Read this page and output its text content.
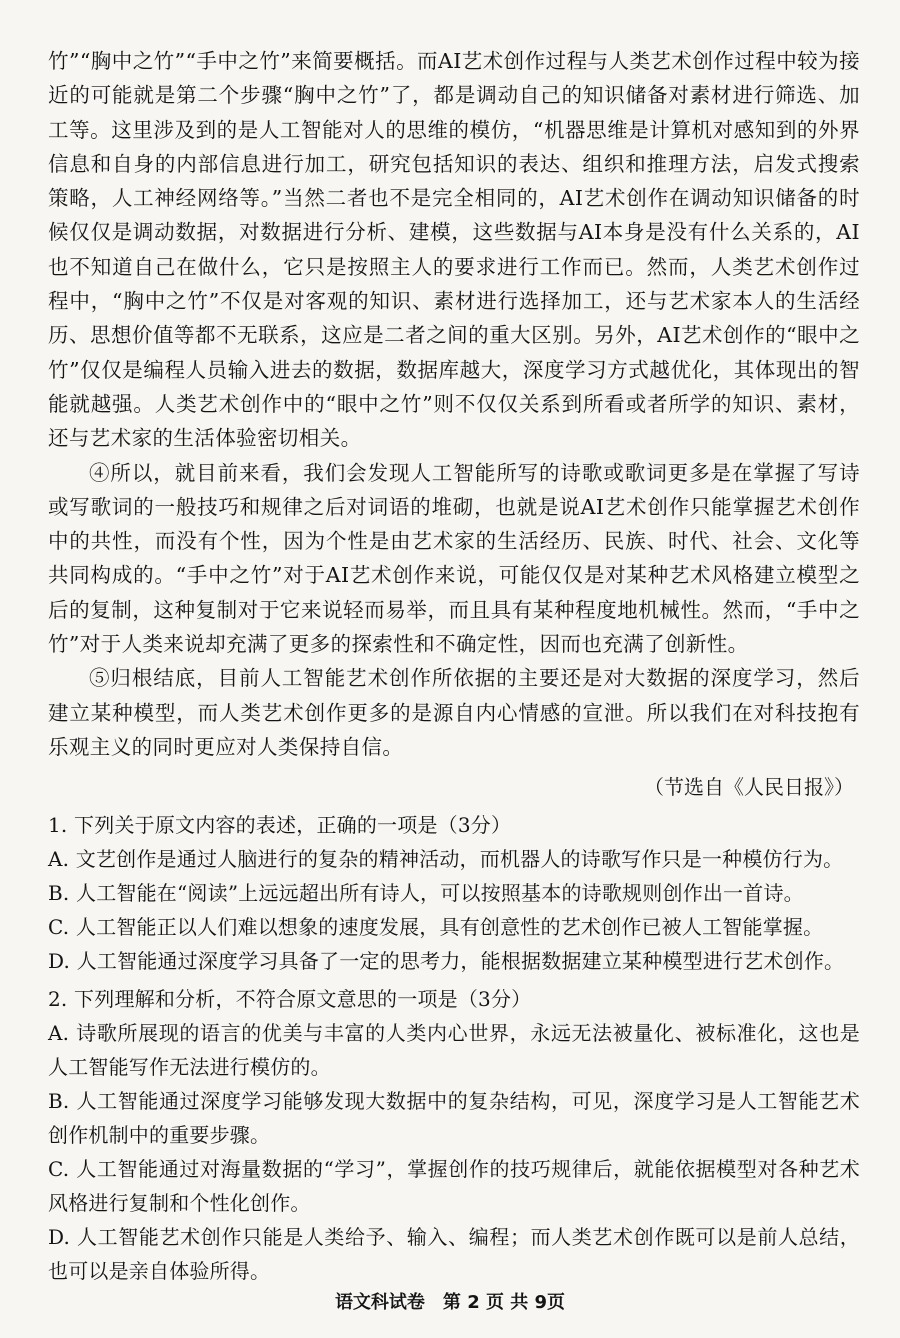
竹”“胸中之竹”“手中之竹”来简要概括。而AI艺术创作过程与人类艺术创作过程中较为接近的可能就是第二个步骤“胸中之竹”了，都是调动自己的知识储备对素材进行筛选、加工等。这里涉及到的是人工智能对人的思维的模仿，“机器思维是计算机对感知到的外界信息和自身的内部信息进行加工，研究包括知识的表达、组织和推理方法，启发式搜索策略，人工神经网络等。”当然二者也不是完全相同的，AI艺术创作在调动知识储备的时候仅仅是调动数据，对数据进行分析、建模，这些数据与AI本身是没有什么关系的，AI也不知道自己在做什么，它只是按照主人的要求进行工作而已。然而，人类艺术创作过程中，“胸中之竹”不仅是对客观的知识、素材进行选择加工，还与艺术家本人的生活经历、思想价值等都不无联系，这应是二者之间的重大区别。另外，AI艺术创作的“眼中之竹”仅仅是编程人员输入进去的数据，数据库越大，深度学习方式越优化，其体现出的智能就越强。人类艺术创作中的“眼中之竹”则不仅仅关系到所看或者所学的知识、素材，还与艺术家的生活体验密切相关。

④所以，就目前来看，我们会发现人工智能所写的诗歌或歌词更多是在掌握了写诗或写歌词的一般技巧和规律之后对词语的堆砌，也就是说AI艺术创作只能掌握艺术创作中的共性，而没有个性，因为个性是由艺术家的生活经历、民族、时代、社会、文化等共同构成的。“手中之竹”对于AI艺术创作来说，可能仅仅是对某种艺术风格建立模型之后的复制，这种复制对于它来说轻而易举，而且具有某种程度地机械性。然而，“手中之竹”对于人类来说却充满了更多的探索性和不确定性，因而也充满了创新性。

⑤归根结底，目前人工智能艺术创作所依据的主要还是对大数据的深度学习，然后建立某种模型，而人类艺术创作更多的是源自内心情感的宣泄。所以我们在对科技抱有乐观主义的同时更应对人类保持自信。

（节选自《人民日报》）

1. 下列关于原文内容的表述，正确的一项是（3分）

A. 文艺创作是通过人脑进行的复杂的精神活动，而机器人的诗歌写作只是一种模仿行为。

B. 人工智能在“阅读”上远远超出所有诗人，可以按照基本的诗歌规则创作出一首诗。

C. 人工智能正以人们难以想象的速度发展，具有创意性的艺术创作已被人工智能掌握。

D. 人工智能通过深度学习具备了一定的思考力，能根据数据建立某种模型进行艺术创作。

2. 下列理解和分析，不符合原文意思的一项是（3分）

A. 诗歌所展现的语言的优美与丰富的人类内心世界，永远无法被量化、被标准化，这也是人工智能写作无法进行模仿的。

B. 人工智能通过深度学习能够发现大数据中的复杂结构，可见，深度学习是人工智能艺术创作机制中的重要步骤。

C. 人工智能通过对海量数据的“学习”，掌握创作的技巧规律后，就能依据模型对各种艺术风格进行复制和个性化创作。

D. 人工智能艺术创作只能是人类给予、输入、编程；而人类艺术创作既可以是前人总结，也可以是亲自体验所得。

语文科试卷　第 2 页 共 9页
